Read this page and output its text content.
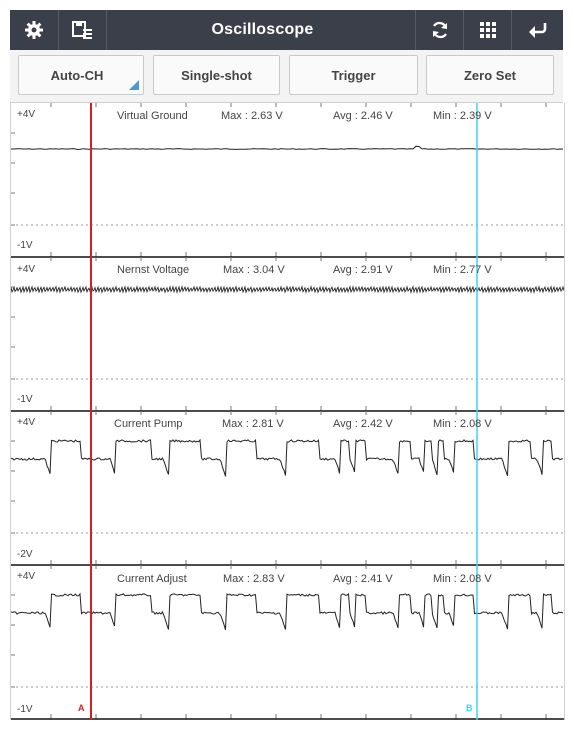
Oscilloscope
Auto-CH	Single-shot	Trigger	Zero Set
+4V	Virtual Ground	Max : 2.63 V	Avg : 2.46 V	Min : 2.39 V
-1V
+4V	Nernst Voltage	Max : 3.04 V	Avg : 2.91 V	Min : 2.77 V
-1V
+4V	Current Pump	Max : 2.81 V	Avg : 2.42 V	Min : 2.08 V
-2V
+4V	Current Adjust	Max : 2.83 V	Avg : 2.41 V	Min : 2.08 V
-1V	A	B
